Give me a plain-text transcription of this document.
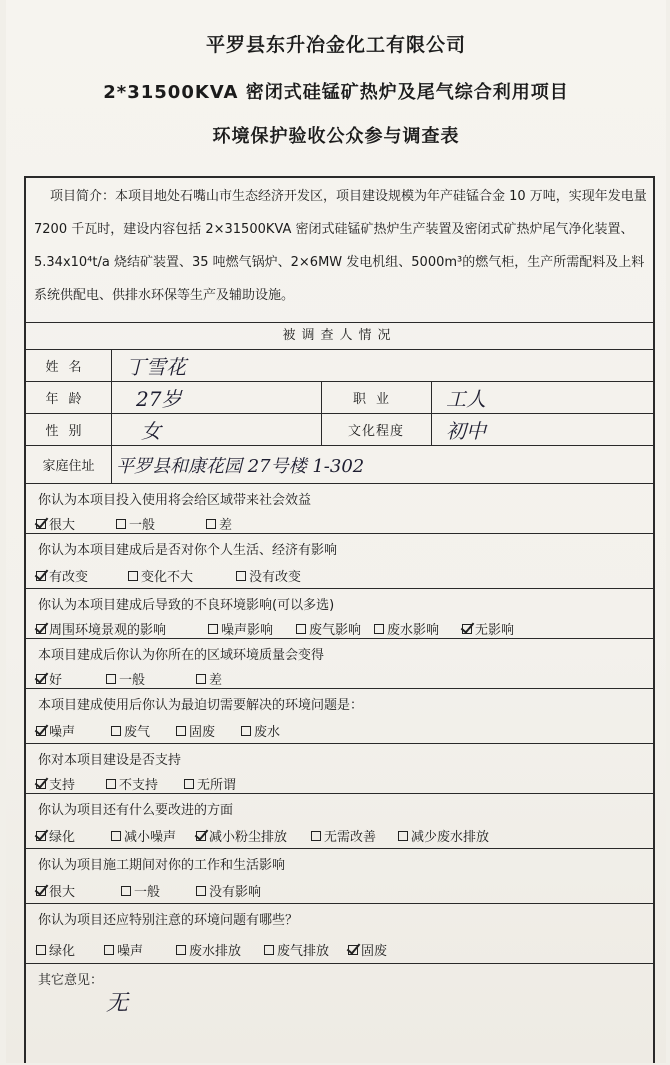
平罗县东升冶金化工有限公司
2*31500KVA 密闭式硅锰矿热炉及尾气综合利用项目
环境保护验收公众参与调查表

项目简介：本项目地处石嘴山市生态经济开发区，项目建设规模为年产硅锰合金 10 万吨，实现年发电量 7200 千瓦时，建设内容包括 2×31500KVA 密闭式硅锰矿热炉生产装置及密闭式矿热炉尾气净化装置、5.34x10⁴t/a 烧结矿装置、35 吨燃气锅炉、2×6MW 发电机组、5000m³的燃气柜，生产所需配料及上料系统供配电、供排水环保等生产及辅助设施。

被调查人情况
姓名	丁雪花
年龄	27岁	职业	工人
性别	女	文化程度	初中
家庭住址	平罗县和康花园 27号楼 1-302
你认为本项目投入使用将会给区域带来社会效益
很大	一般	差
你认为本项目建成后是否对你个人生活、经济有影响
有改变	变化不大	没有改变
你认为本项目建成后导致的不良环境影响(可以多选)
周围环境景观的影响	噪声影响	废气影响 废水影响	无影响
本项目建成后你认为你所在的区域环境质量会变得
好	一般	差
本项目建成使用后你认为最迫切需要解决的环境问题是：
噪声	废气	固废	废水
你对本项目建设是否支持
支持	不支持	无所谓
你认为项目还有什么要改进的方面
绿化	减小噪声	减小粉尘排放	无需改善	减少废水排放
你认为项目施工期间对你的工作和生活影响
很大	一般	没有影响
你认为项目还应特别注意的环境问题有哪些？
绿化	噪声	废水排放	废气排放 固废
其它意见：
无
